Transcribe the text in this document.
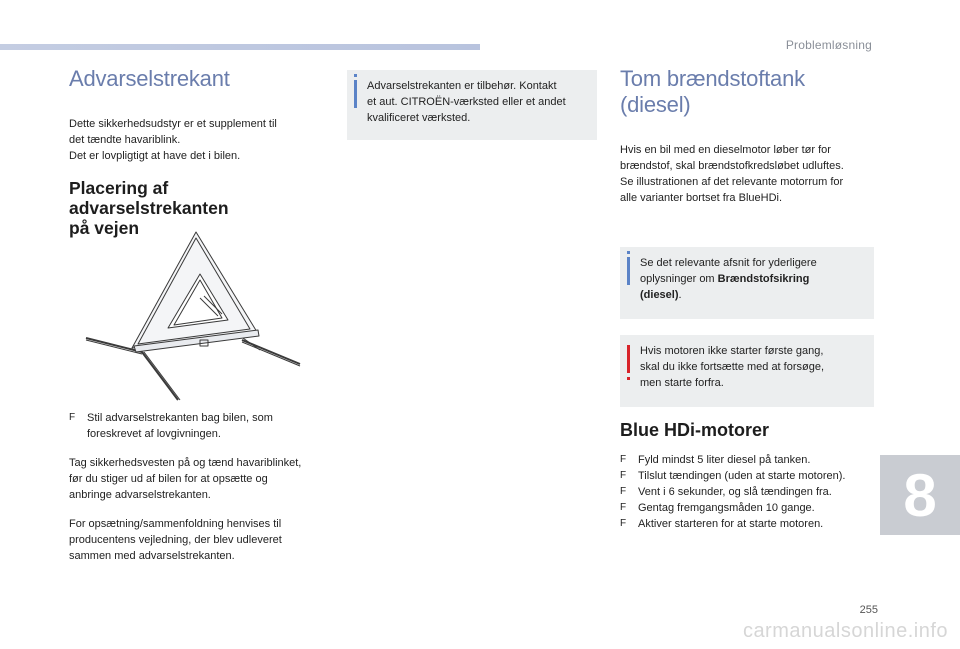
Problemløsning
Advarselstrekant

Dette sikkerhedsudstyr er et supplement til

det tændte havariblink.

Det er lovpligtigt at have det i bilen.

Placering af advarselstrekanten
på vejen
F	Stil advarselstrekanten bag bilen, som
foreskrevet af lovgivningen.

Tag sikkerhedsvesten på og tænd havariblinket,

før du stiger ud af bilen for at opsætte og

anbringe advarselstrekanten.

For opsætning/sammenfoldning henvises til

producentens vejledning, der blev udleveret

sammen med advarselstrekanten.

Advarselstrekanten er tilbehør. Kontakt
et aut. CITROËN-værksted eller et andet
kvalificeret værksted.
Tom brændstoftank (diesel)

Hvis en bil med en dieselmotor løber tør for

brændstof, skal brændstofkredsløbet udluftes.

Se illustrationen af det relevante motorrum for

alle varianter bortset fra BlueHDi.

Se det relevante afsnit for yderligere
oplysninger om Brændstofsikring
(diesel).
Hvis motoren ikke starter første gang,
skal du ikke fortsætte med at forsøge,
men starte forfra.
Blue HDi-motorer
F	Fyld mindst 5 liter diesel på tanken.
F	Tilslut tændingen (uden at starte motoren).
F	Vent i 6 sekunder, og slå tændingen fra.
F	Gentag fremgangsmåden 10 gange.
F	Aktiver starteren for at starte motoren. 8
255
carmanualsonline.info
